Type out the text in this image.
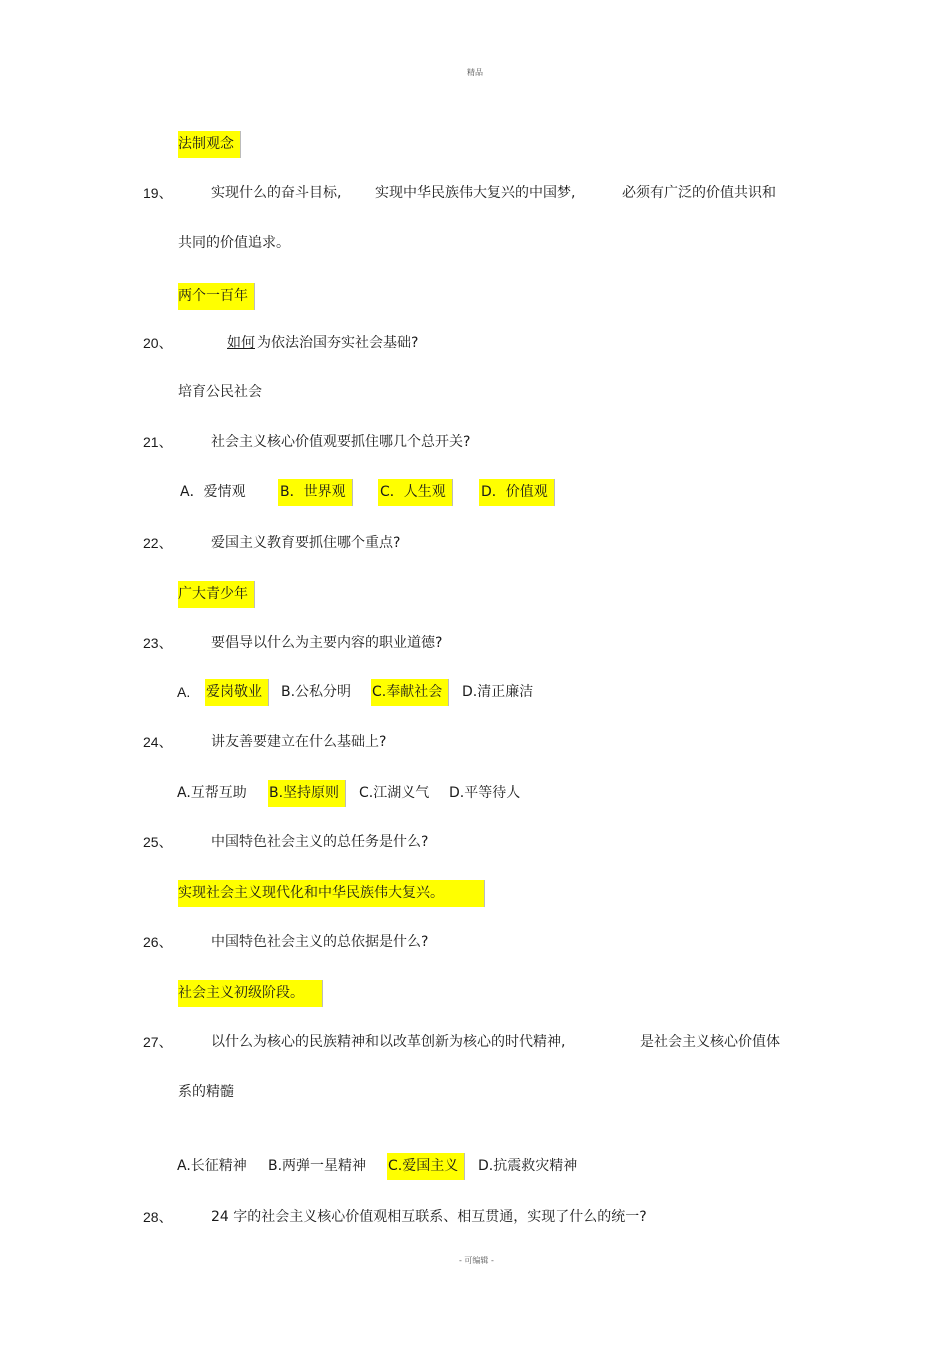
精品
法制观念
19、	实现什么的奋斗目标, 实现中华民族伟大复兴的中国梦,	必须有广泛的价值共识和
共同的价值追求。
两个一百年
20、	如何 为依法治国夯实社会基础?
培育公民社会
21、	社会主义核心价值观要抓住哪几个总开关?
A．爱情观 B．世界观	C．人生观	D．价值观
22、	爱国主义教育要抓住哪个重点?
广大青少年
23、	要倡导以什么为主要内容的职业道德?
A. 爱岗敬业	B.公私分明 C.奉献社会	D.清正廉洁
24、	讲友善要建立在什么基础上?
A.互帮互助 B.坚持原则	C.江湖义气 D.平等待人
25、	中国特色社会主义的总任务是什么?
实现社会主义现代化和中华民族伟大复兴。
26、	中国特色社会主义的总依据是什么?
社会主义初级阶段。
27、	以什么为核心的民族精神和以改革创新为核心的时代精神,	是社会主义核心价值体
系的精髓
A.长征精神 B.两弹一星精神 C.爱国主义	D.抗震救灾精神
28、	24 字的社会主义核心价值观相互联系、相互贯通，实现了什么的统一?
- 可编辑 -
